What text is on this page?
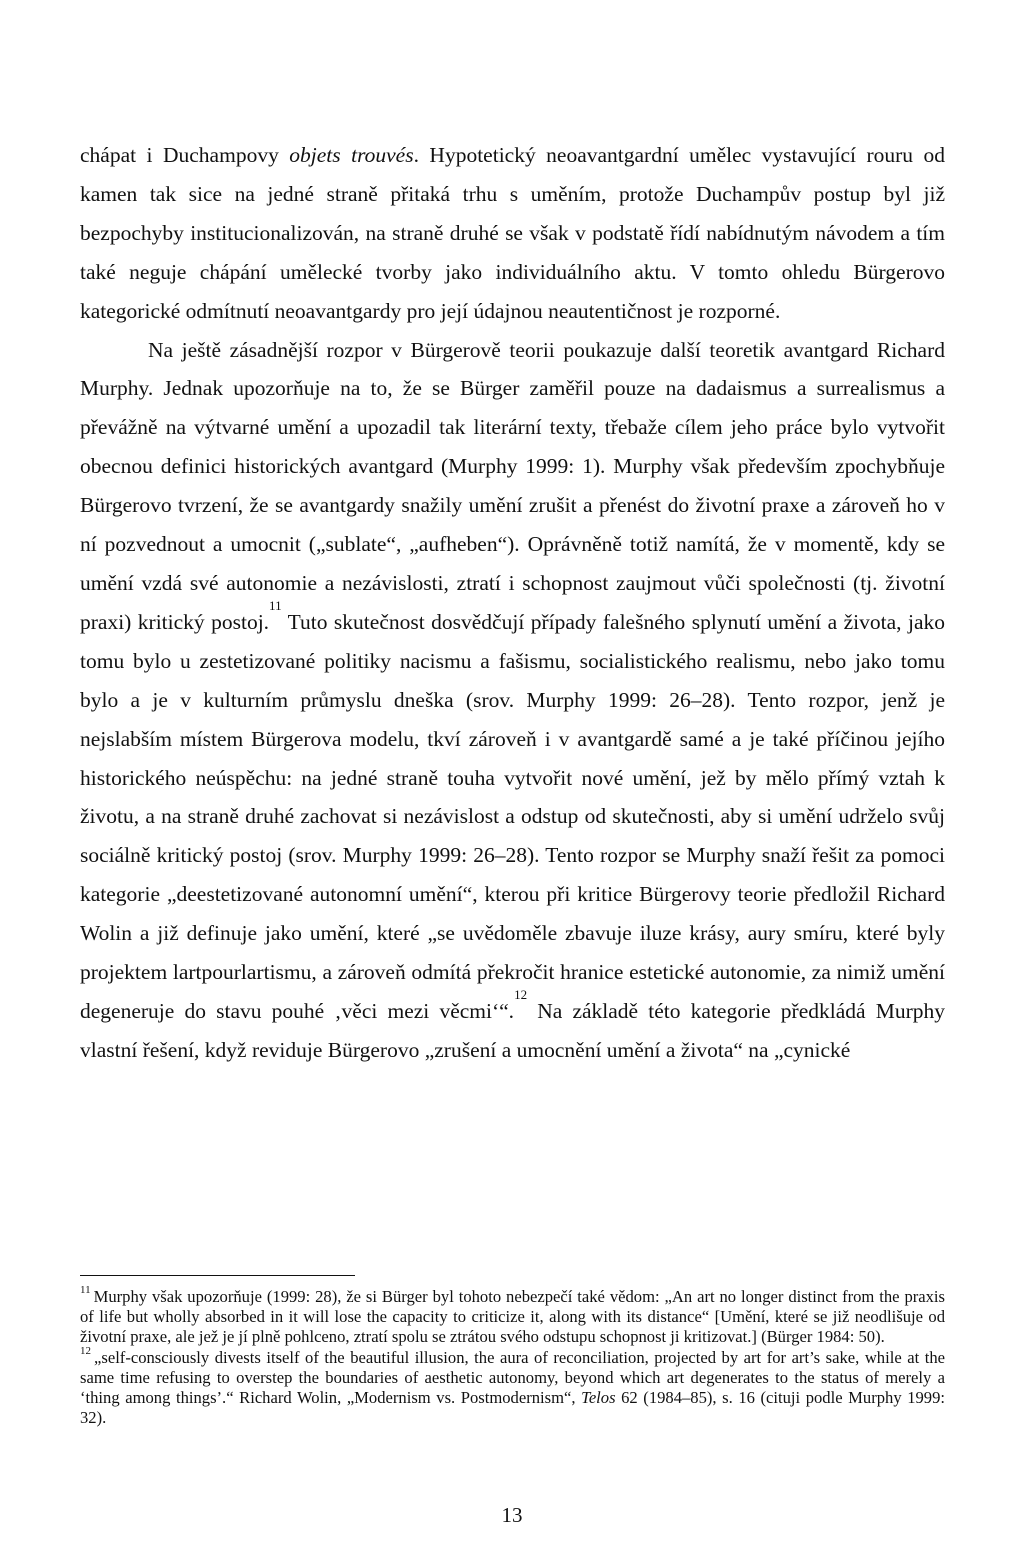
chápat i Duchampovy objets trouvés. Hypotetický neoavantgardní umělec vystavující rouru od kamen tak sice na jedné straně přitaká trhu s uměním, protože Duchampův postup byl již bezpochyby institucionalizován, na straně druhé se však v podstatě řídí nabídnutým návodem a tím také neguje chápání umělecké tvorby jako individuálního aktu. V tomto ohledu Bürgerovo kategorické odmítnutí neoavantgardy pro její údajnou neautentičnost je rozporné.

Na ještě zásadnější rozpor v Bürgerově teorii poukazuje další teoretik avantgard Richard Murphy. Jednak upozorňuje na to, že se Bürger zaměřil pouze na dadaismus a surrealismus a převážně na výtvarné umění a upozadil tak literární texty, třebaže cílem jeho práce bylo vytvořit obecnou definici historických avantgard (Murphy 1999: 1). Murphy však především zpochybňuje Bürgerovo tvrzení, že se avantgardy snažily umění zrušit a přenést do životní praxe a zároveň ho v ní pozvednout a umocnit („sublate“, „aufheben“). Oprávněně totiž namítá, že v momentě, kdy se umění vzdá své autonomie a nezávislosti, ztratí i schopnost zaujmout vůči společnosti (tj. životní praxi) kritický postoj.$^{11}$ Tuto skutečnost dosvědčují případy falešného splynutí umění a života, jako tomu bylo u zestetizované politiky nacismu a fašismu, socialistického realismu, nebo jako tomu bylo a je v kulturním průmyslu dneška (srov. Murphy 1999: 26–28). Tento rozpor, jenž je nejslabším místem Bürgerova modelu, tkví zároveň i v avantgardě samé a je také příčinou jejího historického neúspěchu: na jedné straně touha vytvořit nové umění, jež by mělo přímý vztah k životu, a na straně druhé zachovat si nezávislost a odstup od skutečnosti, aby si umění udrželo svůj sociálně kritický postoj (srov. Murphy 1999: 26–28). Tento rozpor se Murphy snaží řešit za pomoci kategorie „deestetizované autonomní umění“, kterou při kritice Bürgerovy teorie předložil Richard Wolin a již definuje jako umění, které „se uvědoměle zbavuje iluze krásy, aury smíru, které byly projektem lartpourlartismu, a zároveň odmítá překročit hranice estetické autonomie, za nimiž umění degeneruje do stavu pouhé ‚věci mezi věcmi‘“.$^{12}$ Na základě této kategorie předkládá Murphy vlastní řešení, když reviduje Bürgerovo „zrušení a umocnění umění a života“ na „cynické

$^{11}$ Murphy však upozorňuje (1999: 28), že si Bürger byl tohoto nebezpečí také vědom: „An art no longer distinct from the praxis of life but wholly absorbed in it will lose the capacity to criticize it, along with its distance“ [Umění, které se již neodlišuje od životní praxe, ale jež je jí plně pohlceno, ztratí spolu se ztrátou svého odstupu schopnost ji kritizovat.] (Bürger 1984: 50).

$^{12}$ „self-consciously divests itself of the beautiful illusion, the aura of reconciliation, projected by art for art’s sake, while at the same time refusing to overstep the boundaries of aesthetic autonomy, beyond which art degenerates to the status of merely a ‘thing among things’.“ Richard Wolin, „Modernism vs. Postmodernism“, Telos 62 (1984–85), s. 16 (cituji podle Murphy 1999: 32).

13
